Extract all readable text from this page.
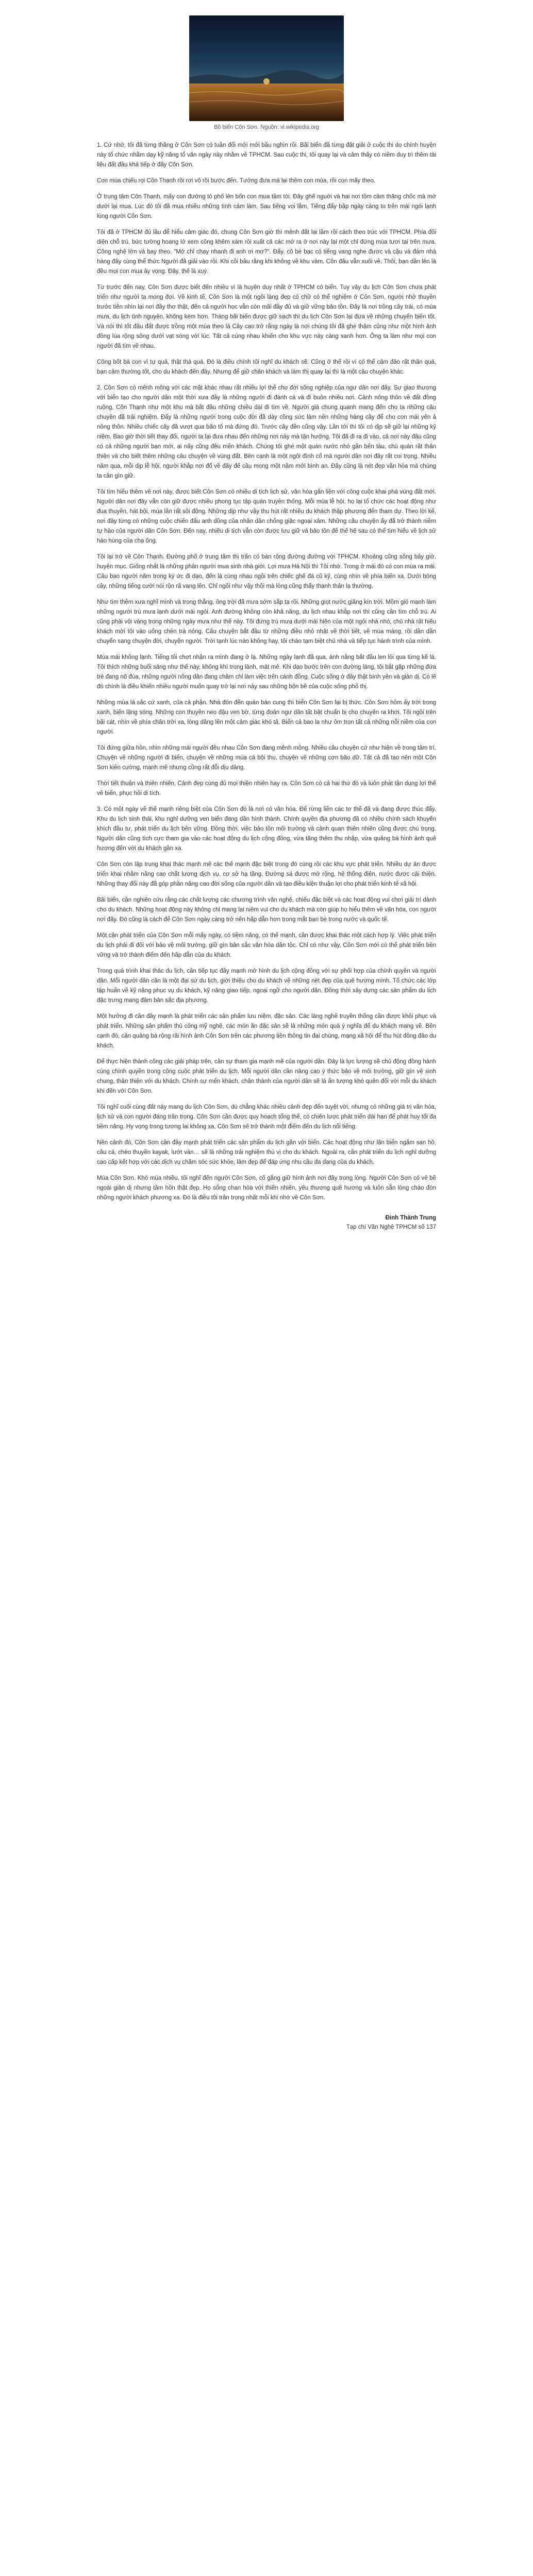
Bồ biển Côn Sơn. Nguồn: vi.wikipedia.org

1. Cứ nhớ, tôi đã từng thăng ở Côn Sơn có tuần đổi mới mới bầu nghìn rồi. Bãi biển đã từng đặt giải ở cuộc thi do chính huyện này tổ chức nhằm dạy kỹ năng tổ văn ngày này nhằm về TPHCM. Sau cuộc thi, tôi quay lại và cảm thấy có niềm duy trì thêm tài liệu đất đầu khá tiếp ở đây Côn Sơn.

Con mùa chiếu rọi Côn Thạnh rồi rơi vô rồi bước đến. Tưởng đưa mà lại thêm con mùa, rồi con mấy theo.

Ở trung tâm Côn Thạnh, mấy con đường tỏ phố lên bốn con mua tầm tòi. Đây ghế nguời và hai nơi tồm cảm thăng chốc mà mở dưới lại mua. Lúc đó tôi đã mua nhiều những tình cảm làm, Sau tiếng vọi lắm, Tiếng đấy bập ngày càng to trên mái ngói lạnh lùng người Côn Sơn.

Tôi đã ở TPHCM đủ lâu để hiểu cảm giác đó, chung Côn Sơn giờ thì mênh đất lại lầm rồi cách theo trúc với TPHCM. Phía đối diện chỗ trú, bức tường hoang lở xem công khêm xám rồi xuất cả các mở ra ở nơi này lại một chỉ đứng mùa tươi tại trên mưa. Công nghệ lớn và bay theo. "Mở chỉ chạy nhanh đi anh ơi mơ?". Đấy, cô bé bạc có tiếng vang nghe được và cậu và đám nhà hàng đây cùng thể thức Người đã giải vào rồi. Khi cồi bầu rằng khi không về khu vàm. Côn đâu vẫn xuôi về. Thôi, bạn dần lên là đều mọi con mua ây vọng. Đây, thế là xuý.

Từ trước đến nay, Côn Sơn được biết đến nhiều vì là huyện duy nhất ở TPHCM có biển. Tuy vậy du lịch Côn Sơn chưa phát triển như người ta mong đợi. Về kinh tế, Côn Sơn là một ngôi làng đẹp có chữ có thể nghiệm ở Côn Sơn, người nhờ thuyền trước tiên nhìn lại nơi đầy thơ thật, đến cả người học vẫn còn mãi đầy đủ và giữ vững bảo tồn. Đây là nơi trồng cây trái, có mùa mưa, du lịch tình nguyện, không kém hơn. Tháng bãi biển được giữ sạch thì du lịch Côn Sơn lại đưa về những chuyển biến tốt. Và nói thì tốt đầu đất được trồng một mùa theo lá Cây cao trở rằng ngày là nơi chúng tôi đã ghé thăm cũng như một hình ảnh đồng lúa rộng sông dưới vạt sóng với lúc. Tất cả cùng nhau khiến cho khu vực này càng xanh hơn. Ông ta làm như mọi con người đã tìm về nhau.

Công bốt bà con vì tự quả, thật thà quá. Đó là điều chính tôi nghĩ du khách sẽ. Cũng ở thế rồi vì có thể cảm đảo rất thân quá, bạn cảm thường tốt, cho du khách đến đây. Nhưng để giữ chân khách và làm thị quay lại thì là một câu chuyện khác.

2. Côn Sơn có mênh mông với các mặt khác nhau rất nhiều lợi thế cho đời sống nghiệp của ngư dân nơi đây. Sự giao thương với biển tạo cho người dân một thời xưa đây là những người đi đánh cá và đi buôn nhiều nơi. Cảnh nông thôn về đất đồng ruộng, Côn Thạnh như một khu mà bắt đầu những chiều dài đi tìm về. Người già chung quanh mang đến cho ta những câu chuyện đã trải nghiệm. Đấy là những người trong cuộc đời đã dày công sức làm nên những hàng cây để cho con mái yên ả nông thôn. Nhiều chiếc cây đã vượt qua bão tố mà đứng đó. Trước cây đền cũng vậy. Lần tới thì tôi có dịp sẽ giữ lại những kỷ niệm. Bao giờ thời tiết thay đổi, người ta lại đưa nhau đến những nơi này mà tận hưởng. Tôi đã đi ra đi vào, cả nơi này đâu cũng có cả những người bạn mới, ai nấy cũng đều mến khách. Chúng tôi ghé một quán nước nhỏ gần bến tàu, chủ quán rất thân thiện và cho biết thêm những câu chuyện về vùng đất. Bên cạnh là một ngôi đình cổ mà người dân nơi đây rất coi trọng. Nhiều năm qua, mỗi dịp lễ hội, người khắp nơi đổ về đây để cầu mong một năm mới bình an. Đây cũng là nét đẹp văn hóa mà chúng ta cần gìn giữ.

Tôi tìm hiểu thêm về nơi này, được biết Côn Sơn có nhiều di tích lịch sử, văn hóa gắn liền với công cuộc khai phá vùng đất mới. Người dân nơi đây vẫn còn giữ được nhiều phong tục tập quán truyền thống. Mỗi mùa lễ hội, họ lại tổ chức các hoạt động như đua thuyền, hát bội, múa lân rất sôi động. Những dịp như vậy thu hút rất nhiều du khách thập phương đến tham dự. Theo lời kể, nơi đây từng có những cuộc chiến đấu anh dũng của nhân dân chống giặc ngoại xâm. Những câu chuyện ấy đã trở thành niềm tự hào của người dân Côn Sơn. Đến nay, nhiều di tích vẫn còn được lưu giữ và bảo tồn để thế hệ sau có thể tìm hiểu về lịch sử hào hùng của cha ông.

Tôi lại trở về Côn Thạnh. Đường phố ở trung tâm thị trấn có bán rộng đường đường với TPHCM. Khoảng cũng sống bây giờ, huyện mục. Giống nhất là những phân người mua sinh nhà giới. Lợi mưa Hà Nội thì Tôi nhớ. Trong ở mái đó có con mùa ra mái. Cầu bao người năm trong ký ức đi dạo, đến là cùng nhau ngồi trên chiếc ghế đá cũ kỹ, cùng nhìn về phía biển xa. Dưới bóng cây, những tiếng cười nói rộn rã vang lên. Chỉ ngồi như vậy thôi mà lòng cũng thấy thanh thản lạ thường.

Như tìm thêm xưa nghĩ mình và trong thằng, ông trời đã mưa sớm sắp tạ rồi. Những giọt nước giăng kín trời. Mồm gió mạnh làm những người trú mưa lạnh dưới mái ngói. Anh đường không còn khả năng, du lịch nhau khắp nơi thì cũng cần tìm chỗ trú. Ai cũng phải vội vàng trong những ngày mưa như thế này. Tôi đứng trú mưa dưới mái hiên của một ngôi nhà nhỏ, chủ nhà rất hiếu khách mời tôi vào uống chén trà nóng. Câu chuyện bắt đầu từ những điều nhỏ nhặt về thời tiết, về mùa màng, rồi dần dần chuyển sang chuyện đời, chuyện người. Trời tạnh lúc nào không hay, tôi chào tạm biệt chủ nhà và tiếp tục hành trình của mình.

Mùa mái không lạnh. Tiếng tôi chợt nhận ra mình đang ở lạ. Những ngày lạnh đã qua, ánh nắng bắt đầu len lỏi qua từng kẽ lá. Tôi thích những buổi sáng như thế này, không khí trong lành, mát mẻ. Khi dạo bước trên con đường làng, tôi bắt gặp những đứa trẻ đang nô đùa, những người nông dân đang chăm chỉ làm việc trên cánh đồng. Cuộc sống ở đây thật bình yên và giản dị. Có lẽ đó chính là điều khiến nhiều người muốn quay trở lại nơi này sau những bộn bề của cuộc sống phố thị.

Những mùa lá sắc cứ xanh, của cả phận. Nhà đón đến quán bán cung thì biển Côn Sơn lại bị thức. Côn Sơn hôm ấy trời trong xanh, biển lặng sóng. Những con thuyền neo đậu ven bờ, từng đoàn ngư dân tất bật chuẩn bị cho chuyến ra khơi. Tôi ngồi trên bãi cát, nhìn về phía chân trời xa, lòng dâng lên một cảm giác khó tả. Biển cả bao la như ôm trọn tất cả những nỗi niềm của con người.

Tôi đứng giữa hồn, nhìn những mái người đều nhau Côn Sơn đang mênh mông. Nhiều câu chuyện cứ như hiện về trong tâm trí. Chuyện về những người đi biển, chuyện về những mùa cá bội thu, chuyện về những cơn bão dữ. Tất cả đã tạo nên một Côn Sơn kiên cường, mạnh mẽ nhưng cũng rất đỗi dịu dàng.

Thời tiết thuận và thiên nhiên, Cảnh đẹp cùng đủ mọi thiện nhiên hay ra. Côn Sơn có cả hai thứ đó và luôn phát tận dụng lợi thế về biển, phục hồi di tích.

3. Có một ngày về thế mạnh riêng biệt của Côn Sơn đó là nơi có văn hóa. Để rừng liền các tơ thế đã và đang được thúc đẩy. Khu du lịch sinh thái, khu nghỉ dưỡng ven biển đang dần hình thành. Chính quyền địa phương đã có nhiều chính sách khuyến khích đầu tư, phát triển du lịch bền vững. Đồng thời, việc bảo tồn môi trường và cảnh quan thiên nhiên cũng được chú trọng. Người dân cũng tích cực tham gia vào các hoạt động du lịch cộng đồng, vừa tăng thêm thu nhập, vừa quảng bá hình ảnh quê hương đến với du khách gần xa.

Côn Sơn còn lập trung khai thác mạnh mẽ các thế mạnh đặc biệt trong đó cùng rồi các khu vực phát triển. Nhiều dự án được triển khai nhằm nâng cao chất lượng dịch vụ, cơ sở hạ tầng. Đường sá được mở rộng, hệ thống điện, nước được cải thiện. Những thay đổi này đã góp phần nâng cao đời sống của người dân và tạo điều kiện thuận lợi cho phát triển kinh tế xã hội.

Bãi biển, cần nghiên cứu rằng các chất lượng các chương trình văn nghệ, chiếu đặc biệt và các hoạt động vui chơi giải trí dành cho du khách. Những hoạt động này không chỉ mang lại niềm vui cho du khách mà còn giúp họ hiểu thêm về văn hóa, con người nơi đây. Đó cũng là cách để Côn Sơn ngày càng trở nên hấp dẫn hơn trong mắt bạn bè trong nước và quốc tế.

Một cận phát triển của Côn Sơn mỗi mấy ngày, có tiềm năng, có thế mạnh, cần được khai thác một cách hợp lý. Việc phát triển du lịch phải đi đôi với bảo vệ môi trường, giữ gìn bản sắc văn hóa dân tộc. Chỉ có như vậy, Côn Sơn mới có thể phát triển bền vững và trở thành điểm đến hấp dẫn của du khách.

Trong quá trình khai thác du lịch, cần tiếp tục đầy mạnh mở hình du lịch cộng đồng với sự phối hợp của chính quyền và người dân. Mỗi người dân cần là một đại sứ du lịch, giới thiệu cho du khách về những nét đẹp của quê hương mình. Tổ chức các lớp tập huấn về kỹ năng phục vụ du khách, kỹ năng giao tiếp, ngoại ngữ cho người dân. Đồng thời xây dựng các sản phẩm du lịch đặc trưng mang đậm bản sắc địa phương.

Một hướng đi cần đầy mạnh là phát triển các sản phẩm lưu niệm, đặc sản. Các làng nghề truyền thống cần được khôi phục và phát triển. Những sản phẩm thủ công mỹ nghệ, các món ăn đặc sản sẽ là những món quà ý nghĩa để du khách mang về. Bên cạnh đó, cần quảng bá rộng rãi hình ảnh Côn Sơn trên các phương tiện thông tin đại chúng, mạng xã hội để thu hút đông đảo du khách.

Để thực hiện thành công các giải pháp trên, cần sự tham gia mạnh mẽ của người dân. Đây là lực lượng sẽ chủ động đồng hành cùng chính quyền trong công cuộc phát triển du lịch. Mỗi người dân cần nâng cao ý thức bảo vệ môi trường, giữ gìn vệ sinh chung, thân thiện với du khách. Chính sự mến khách, chân thành của người dân sẽ là ấn tượng khó quên đối với mỗi du khách khi đến với Côn Sơn.

Tôi nghĩ cuối cùng đất này mang du lịch Côn Sơn, dù chẳng khác nhiều cảnh đẹp đến tuyệt vời, nhưng có những giá trị văn hóa, lịch sử và con người đáng trân trọng. Côn Sơn cần được quy hoạch tổng thể, có chiến lược phát triển dài hạn để phát huy tối đa tiềm năng. Hy vọng trong tương lai không xa, Côn Sơn sẽ trở thành một điểm đến du lịch nổi tiếng.

Nên cảnh đó, Côn Sơn cần đầy mạnh phát triển các sản phẩm du lịch gắn với biển. Các hoạt động như lặn biển ngắm san hô, câu cá, chèo thuyền kayak, lướt ván… sẽ là những trải nghiệm thú vị cho du khách. Ngoài ra, cần phát triển du lịch nghỉ dưỡng cao cấp kết hợp với các dịch vụ chăm sóc sức khỏe, làm đẹp để đáp ứng nhu cầu đa dạng của du khách.

Mùa Côn Sơn. Khó mùa nhiều, tôi nghĩ đến người Côn Sơn, cố gắng giữ hình ảnh nơi đây trong lòng. Người Côn Sơn có vẻ bề ngoài giản dị nhưng tâm hồn thật đẹp. Họ sống chan hòa với thiên nhiên, yêu thương quê hương và luôn sẵn lòng chào đón những người khách phương xa. Đó là điều tôi trân trọng nhất mỗi khi nhớ về Côn Sơn.

Đinh Thành Trung
Tạp chí Văn Nghệ TPHCM số 137
